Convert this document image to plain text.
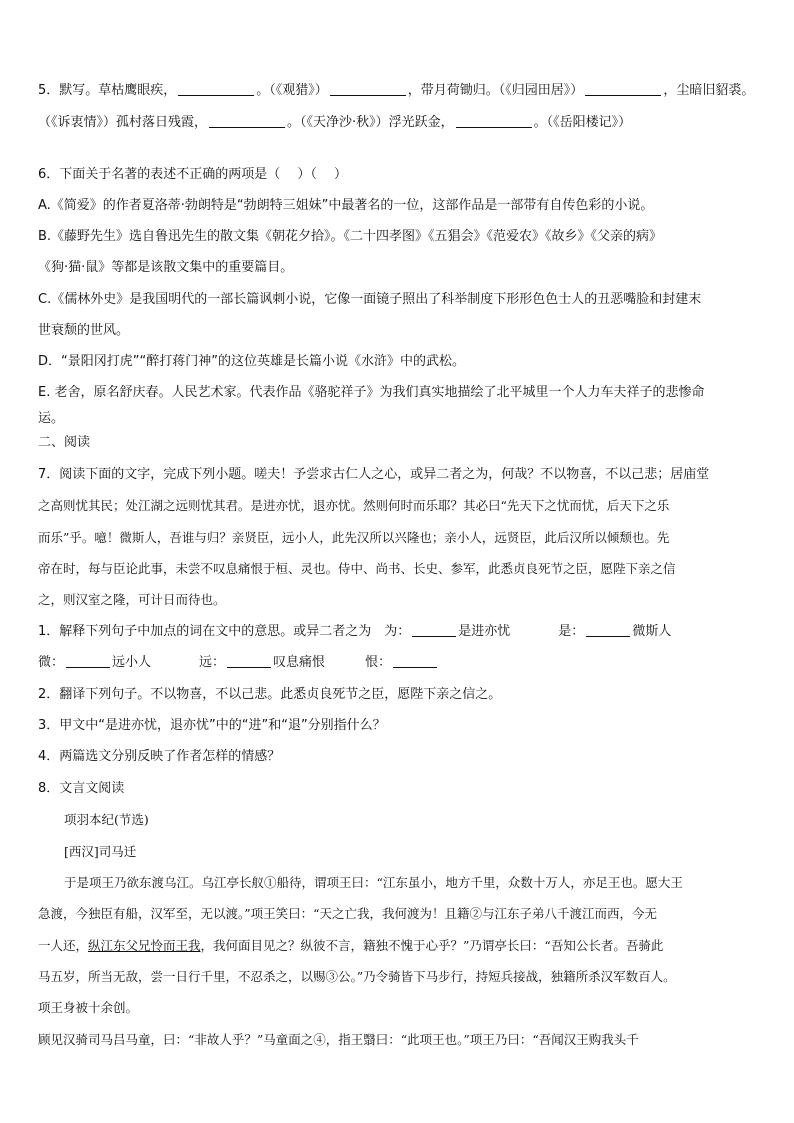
5．默写。草枯鹰眼疾，	。（《观猎》）	，带月荷锄归。（《归园田居》）	，尘暗旧貂裘。
（《诉衷情》）孤村落日残霞，	。（《天净沙·秋》）浮光跃金，	。（《岳阳楼记》）
6．下面关于名著的表述不正确的两项是（　 ）（　 ）
A.《简爱》的作者夏洛蒂·勃朗特是“勃朗特三姐妹”中最著名的一位，这部作品是一部带有自传色彩的小说。
B.《藤野先生》选自鲁迅先生的散文集《朝花夕拾》。《二十四孝图》《五猖会》《范爱农》《故乡》《父亲的病》
《狗·猫·鼠》等都是该散文集中的重要篇目。
C.《儒林外史》是我国明代的一部长篇讽刺小说，它像一面镜子照出了科举制度下形形色色士人的丑恶嘴脸和封建末
世衰颓的世风。
D．“景阳冈打虎”“醉打蒋门神”的这位英雄是长篇小说《水浒》中的武松。
E. 老舍，原名舒庆春。人民艺术家。代表作品《骆驼祥子》为我们真实地描绘了北平城里一个人力车夫祥子的悲惨命
运。
二、阅读
7．阅读下面的文字，完成下列小题。嗟夫！予尝求古仁人之心，或异二者之为，何哉？不以物喜，不以己悲；居庙堂
之高则忧其民；处江湖之远则忧其君。是进亦忧，退亦忧。然则何时而乐耶？其必曰“先天下之忧而忧，后天下之乐
而乐”乎。噫！微斯人，吾谁与归？亲贤臣，远小人，此先汉所以兴隆也；亲小人，远贤臣，此后汉所以倾颓也。先
帝在时，每与臣论此事，未尝不叹息痛恨于桓、灵也。侍中、尚书、长史、参军，此悉贞良死节之臣，愿陛下亲之信
之，则汉室之隆，可计日而待也。
1．解释下列句子中加点的词在文中的意思。或异二者之为　为：	是进亦忧	是：	微斯人
微：	远小人	远：	叹息痛恨	恨：
2．翻译下列句子。不以物喜，不以己悲。此悉贞良死节之臣，愿陛下亲之信之。
3．甲文中“是进亦忧，退亦忧”中的“进”和“退”分别指什么？
4．两篇选文分别反映了作者怎样的情感？
8．文言文阅读
项羽本纪(节选)
[西汉]司马迁
于是项王乃欲东渡乌江。乌江亭长舣①船待，谓项王曰：“江东虽小，地方千里，众数十万人，亦足王也。愿大王
急渡，今独臣有船，汉军至，无以渡。”项王笑曰：“天之亡我，我何渡为！且籍②与江东子弟八千渡江而西，今无
一人还，纵江东父兄怜而王我，我何面目见之？纵彼不言，籍独不愧于心乎？”乃谓亭长曰：“吾知公长者。吾骑此
马五岁，所当无敌，尝一日行千里，不忍杀之，以赐③公。”乃令骑皆下马步行，持短兵接战，独籍所杀汉军数百人。
项王身被十余创。
顾见汉骑司马吕马童，曰：“非故人乎？”马童面之④，指王翳曰：“此项王也。”项王乃曰：“吾闻汉王购我头千
